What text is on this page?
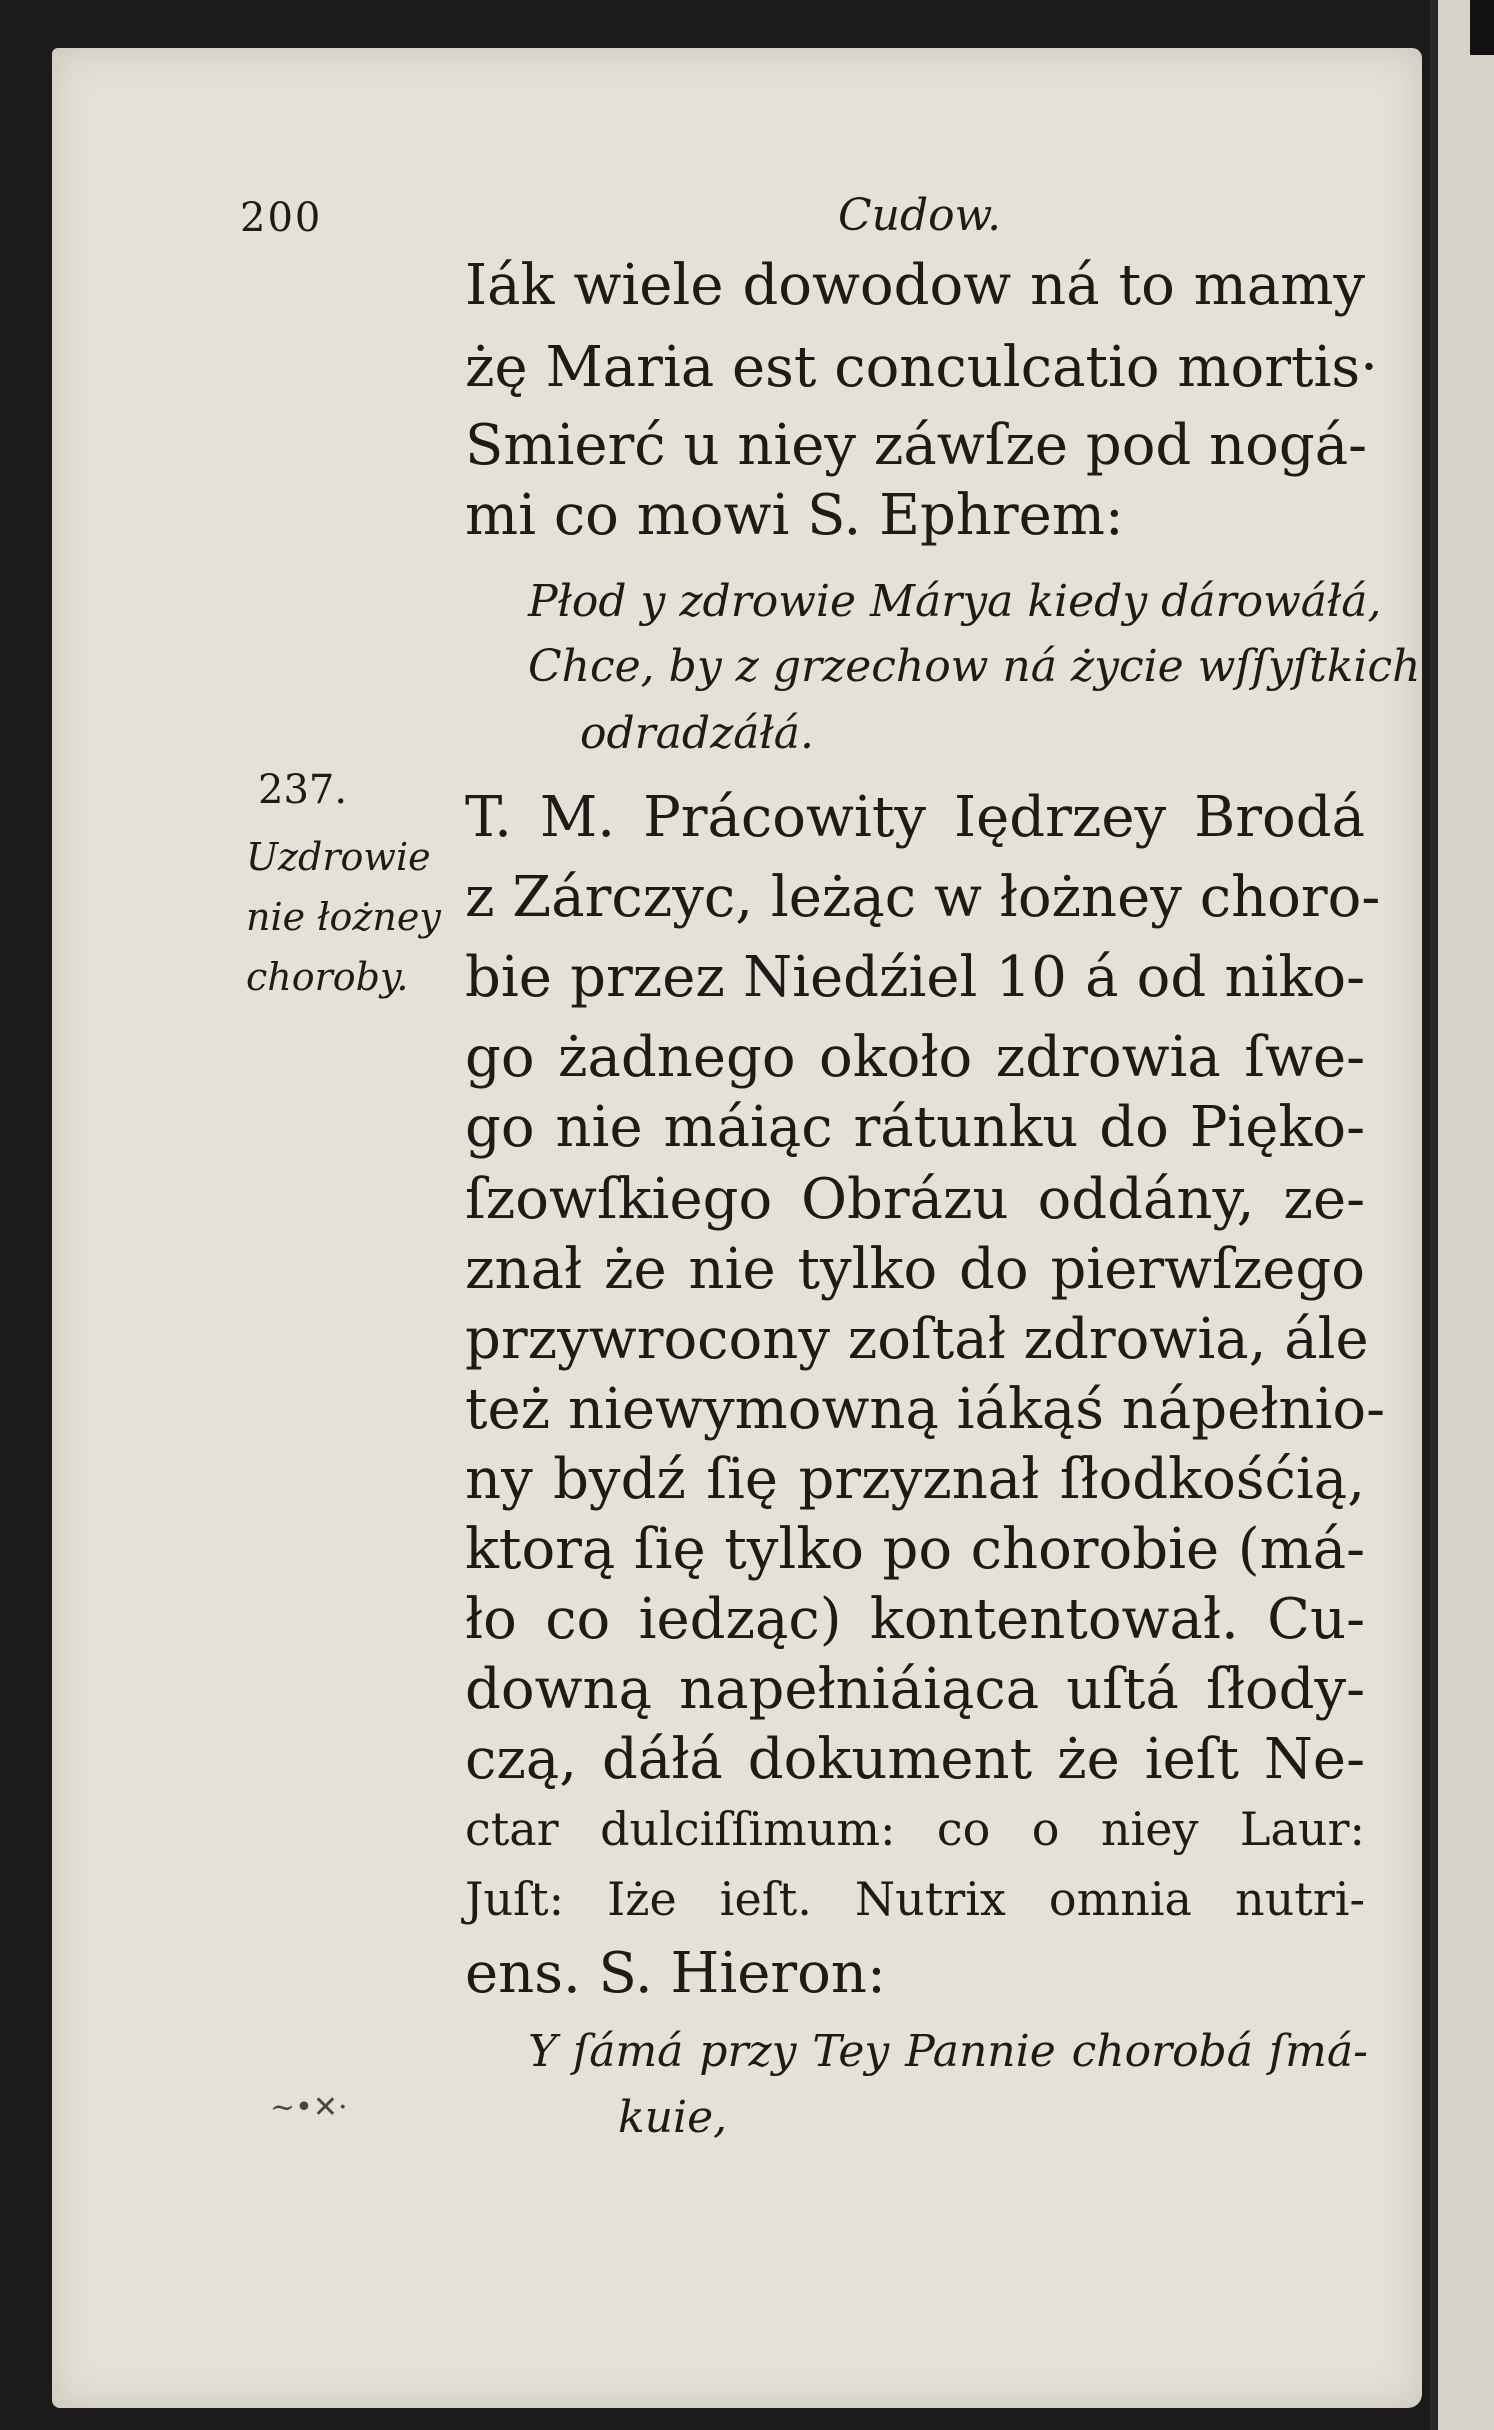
200	Cudow.
Iák wiele dowodow ná to mamy
żę Maria est conculcatio mortis·
Smierć u niey záwſze pod nogá-
mi co mowi S. Ephrem:
Płod y zdrowie Márya kiedy dárowáłá,
Chce, by z grzechow ná życie wſſyſtkich
odradzáłá.
237.
Uzdrowie
nie łożney
choroby.
T. M. Prácowity Iędrzey Brodá
z Zárczyc, leżąc w łożney choro-
bie przez Niedźiel 10 á od niko-
go żadnego około zdrowia ſwe-
go nie máiąc rátunku do Pięko-
ſzowſkiego Obrázu oddány, ze-
znał że nie tylko do pierwſzego
przywrocony zoſtał zdrowia, ále
też niewymowną iákąś nápełnio-
ny bydź ſię przyznał ſłodkośćią,
ktorą ſię tylko po chorobie (má-
ło co iedząc) kontentował. Cu-
downą napełniáiąca uſtá ſłody-
czą, dáłá dokument że ieſt Ne-
ctar dulciſſimum: co o niey Laur:
Juſt: Iże ieſt. Nutrix omnia nutri-
ens. S. Hieron:
Y ſámá przy Tey Pannie chorobá ſmá-
kuie,
~•✕·
